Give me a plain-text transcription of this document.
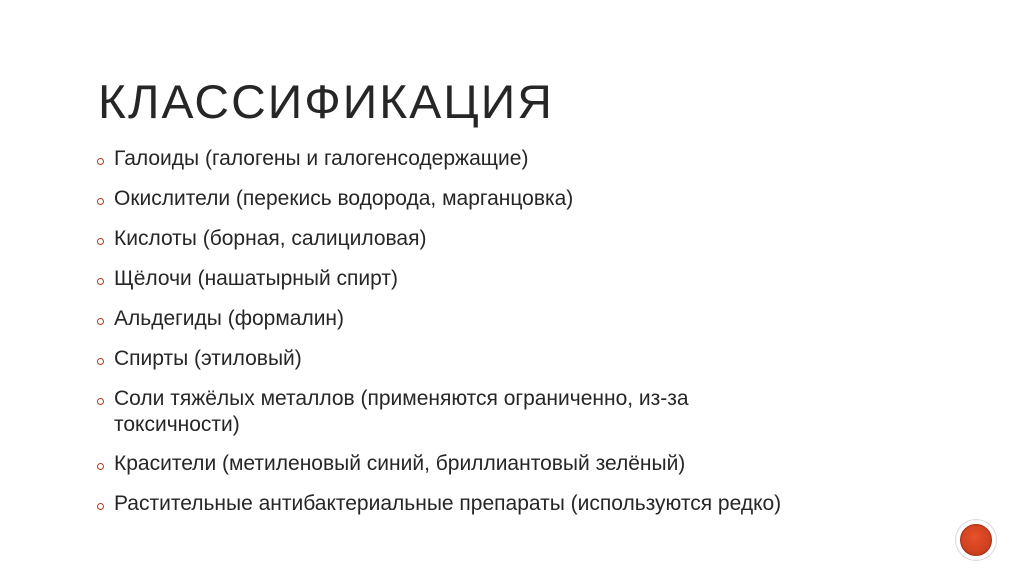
КЛАССИФИКАЦИЯ
Галоиды (галогены и галогенсодержащие)
Окислители (перекись водорода, марганцовка)
Кислоты (борная, салициловая)
Щёлочи (нашатырный спирт)
Альдегиды (формалин)
Спирты (этиловый)
Соли тяжёлых металлов (применяются ограниченно, из-за токсичности)
Красители (метиленовый синий, бриллиантовый зелёный)
Растительные антибактериальные препараты (используются редко)
